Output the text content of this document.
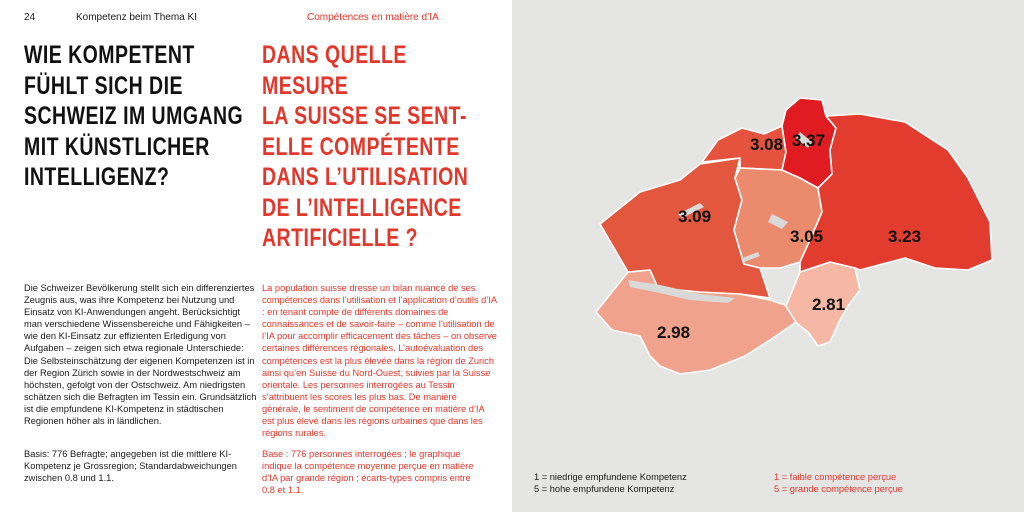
24	Kompetenz beim Thema KI	Compétences en matière d’IA
WIE KOMPETENT
FÜHLT SICH DIE
SCHWEIZ IM UMGANG
MIT KÜNSTLICHER
INTELLIGENZ?
DANS QUELLE MESURE
LA SUISSE SE SENT-
ELLE COMPÉTENTE
DANS L’UTILISATION
DE L’INTELLIGENCE
ARTIFICIELLE ?

Die Schweizer Bevölkerung stellt sich ein differenziertes Zeugnis aus, was ihre Kompetenz bei Nutzung und Einsatz von KI-Anwendungen angeht. Berücksichtigt man verschiedene Wissensbereiche und Fähigkeiten – wie den KI-Einsatz zur effizienten Erledigung von Aufgaben – zeigen sich etwa regionale Unterschiede: Die Selbsteinschätzung der eigenen Kompetenzen ist in der Region Zürich sowie in der Nordwestschweiz am höchsten, gefolgt von der Ostschweiz. Am niedrigsten schätzen sich die Befragten im Tessin ein. Grundsätzlich ist die empfundene KI-Kompetenz in städtischen Regionen höher als in ländlichen.

La population suisse dresse un bilan nuancé de ses compétences dans l’utilisation et l’application d’outils d’IA : en tenant compte de différents domaines de connaissances et de savoir-faire – comme l’utilisation de l’IA pour accomplir efficacement des tâches – on observe certaines différences régionales. L’autoévaluation des compétences est la plus élevée dans la région de Zurich ainsi qu’en Suisse du Nord-Ouest, suivies par la Suisse orientale. Les personnes interrogées au Tessin s’attribuent les scores les plus bas. De manière générale, le sentiment de compétence en matière d’IA est plus élevé dans les régions urbaines que dans les régions rurales.

Basis: 776 Befragte; angegeben ist die mittlere KI-Kompetenz je Grossregion; Standardabweichungen zwischen 0.8 und 1.1.

Base : 776 personnes interrogées ; le graphique indique la compétence moyenne perçue en matière d’IA par grande région ; écarts-types compris entre 0.8 et 1.1.

2.98
3.09
3.08 3.37
3.23
3.05
2.81
1 = niedrige empfundene Kompetenz
5 = hohe empfundene Kompetenz
1 = faible compétence perçue
5 = grande compétence perçue
